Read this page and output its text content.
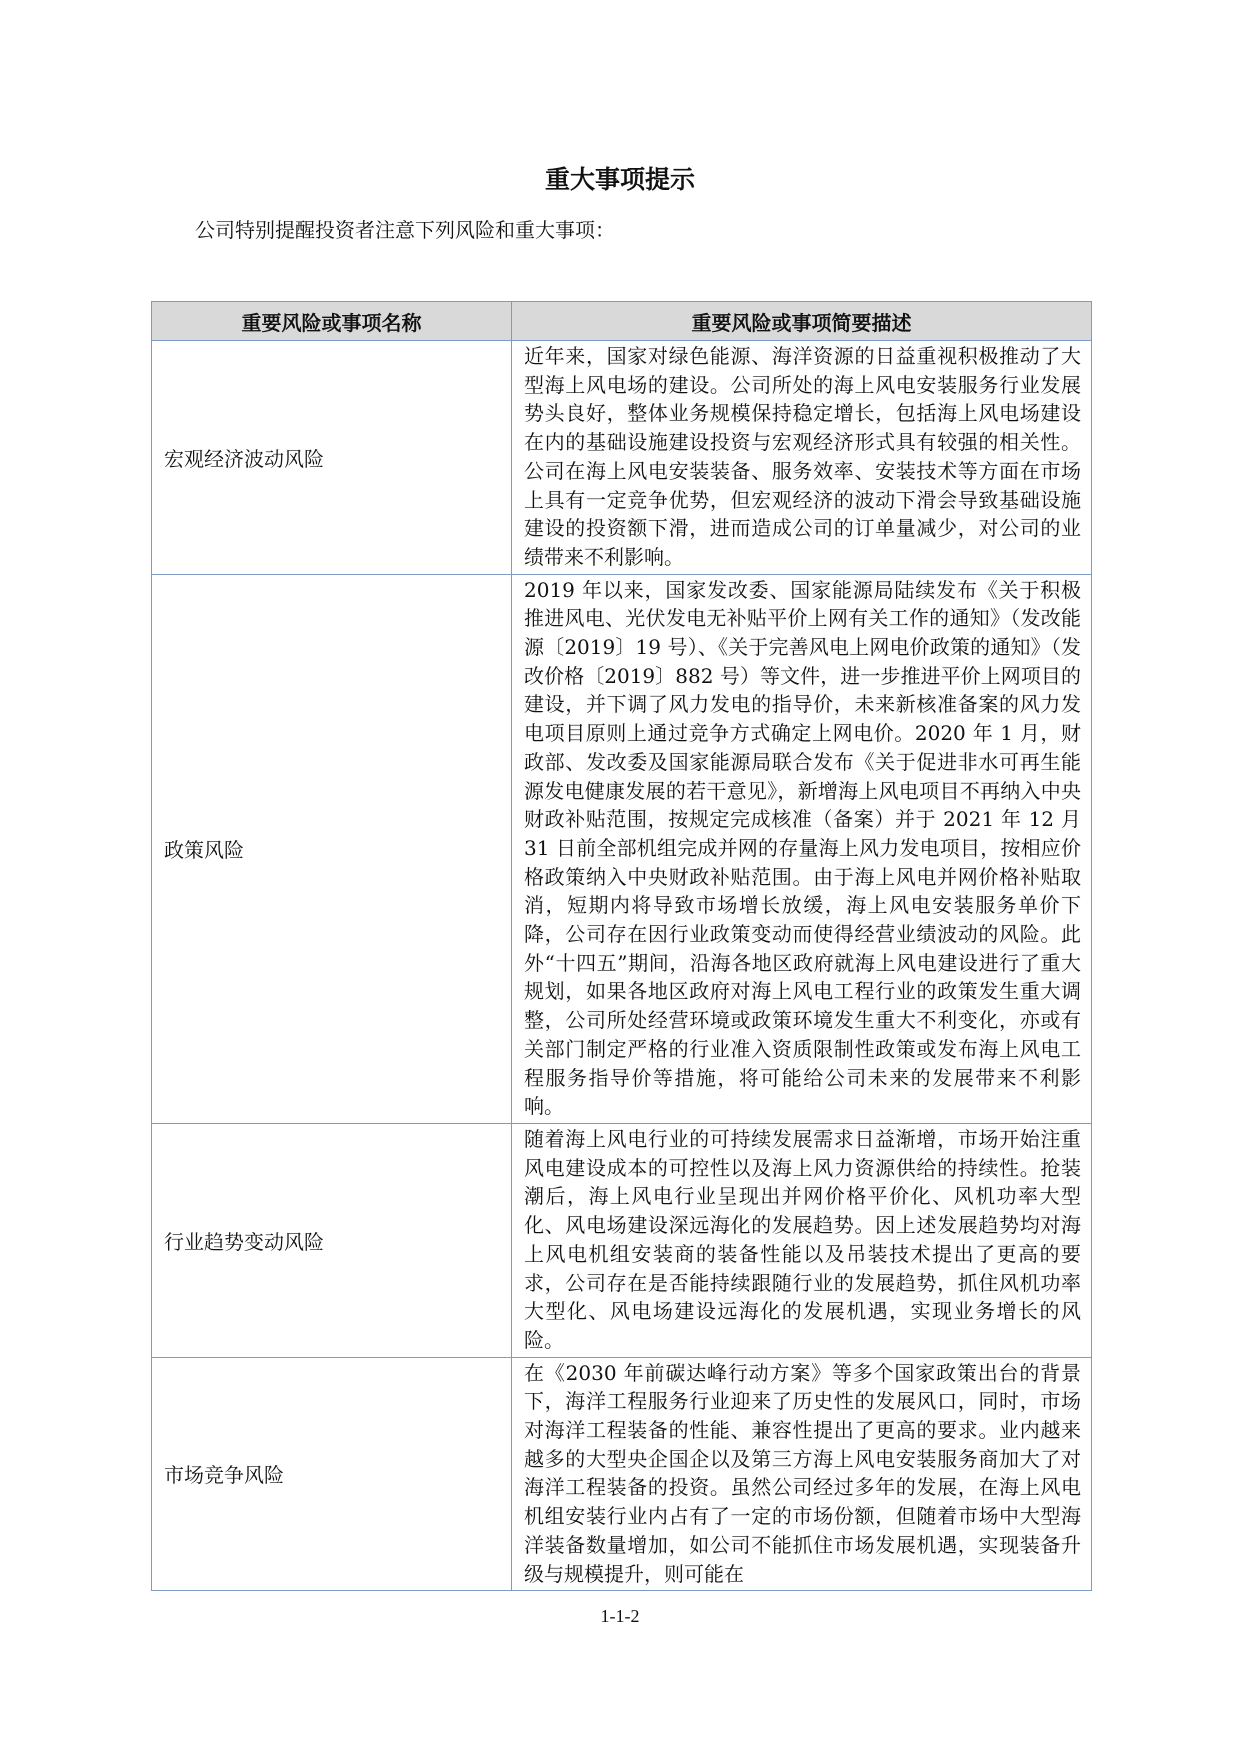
重大事项提示
公司特别提醒投资者注意下列风险和重大事项：
重要风险或事项名称	重要风险或事项简要描述
宏观经济波动风险	近年来，国家对绿色能源、海洋资源的日益重视积极推动了大型海上风电场的建设。公司所处的海上风电安装服务行业发展势头良好，整体业务规模保持稳定增长，包括海上风电场建设在内的基础设施建设投资与宏观经济形式具有较强的相关性。公司在海上风电安装装备、服务效率、安装技术等方面在市场上具有一定竞争优势，但宏观经济的波动下滑会导致基础设施建设的投资额下滑，进而造成公司的订单量减少，对公司的业绩带来不利影响。
政策风险	2019 年以来，国家发改委、国家能源局陆续发布《关于积极推进风电、光伏发电无补贴平价上网有关工作的通知》（发改能源〔2019〕19 号）、《关于完善风电上网电价政策的通知》（发改价格〔2019〕882 号）等文件，进一步推进平价上网项目的建设，并下调了风力发电的指导价，未来新核准备案的风力发电项目原则上通过竞争方式确定上网电价。2020 年 1 月，财政部、发改委及国家能源局联合发布《关于促进非水可再生能源发电健康发展的若干意见》，新增海上风电项目不再纳入中央财政补贴范围，按规定完成核准（备案）并于 2021 年 12 月 31 日前全部机组完成并网的存量海上风力发电项目，按相应价格政策纳入中央财政补贴范围。由于海上风电并网价格补贴取消，短期内将导致市场增长放缓，海上风电安装服务单价下降，公司存在因行业政策变动而使得经营业绩波动的风险。此外“十四五”期间，沿海各地区政府就海上风电建设进行了重大规划，如果各地区政府对海上风电工程行业的政策发生重大调整，公司所处经营环境或政策环境发生重大不利变化，亦或有关部门制定严格的行业准入资质限制性政策或发布海上风电工程服务指导价等措施，将可能给公司未来的发展带来不利影响。
行业趋势变动风险	随着海上风电行业的可持续发展需求日益渐增，市场开始注重风电建设成本的可控性以及海上风力资源供给的持续性。抢装潮后，海上风电行业呈现出并网价格平价化、风机功率大型化、风电场建设深远海化的发展趋势。因上述发展趋势均对海上风电机组安装商的装备性能以及吊装技术提出了更高的要求，公司存在是否能持续跟随行业的发展趋势，抓住风机功率大型化、风电场建设远海化的发展机遇，实现业务增长的风险。
市场竞争风险	在《2030 年前碳达峰行动方案》等多个国家政策出台的背景下，海洋工程服务行业迎来了历史性的发展风口，同时，市场对海洋工程装备的性能、兼容性提出了更高的要求。业内越来越多的大型央企国企以及第三方海上风电安装服务商加大了对海洋工程装备的投资。虽然公司经过多年的发展，在海上风电机组安装行业内占有了一定的市场份额，但随着市场中大型海洋装备数量增加，如公司不能抓住市场发展机遇，实现装备升级与规模提升，则可能在
1-1-2
